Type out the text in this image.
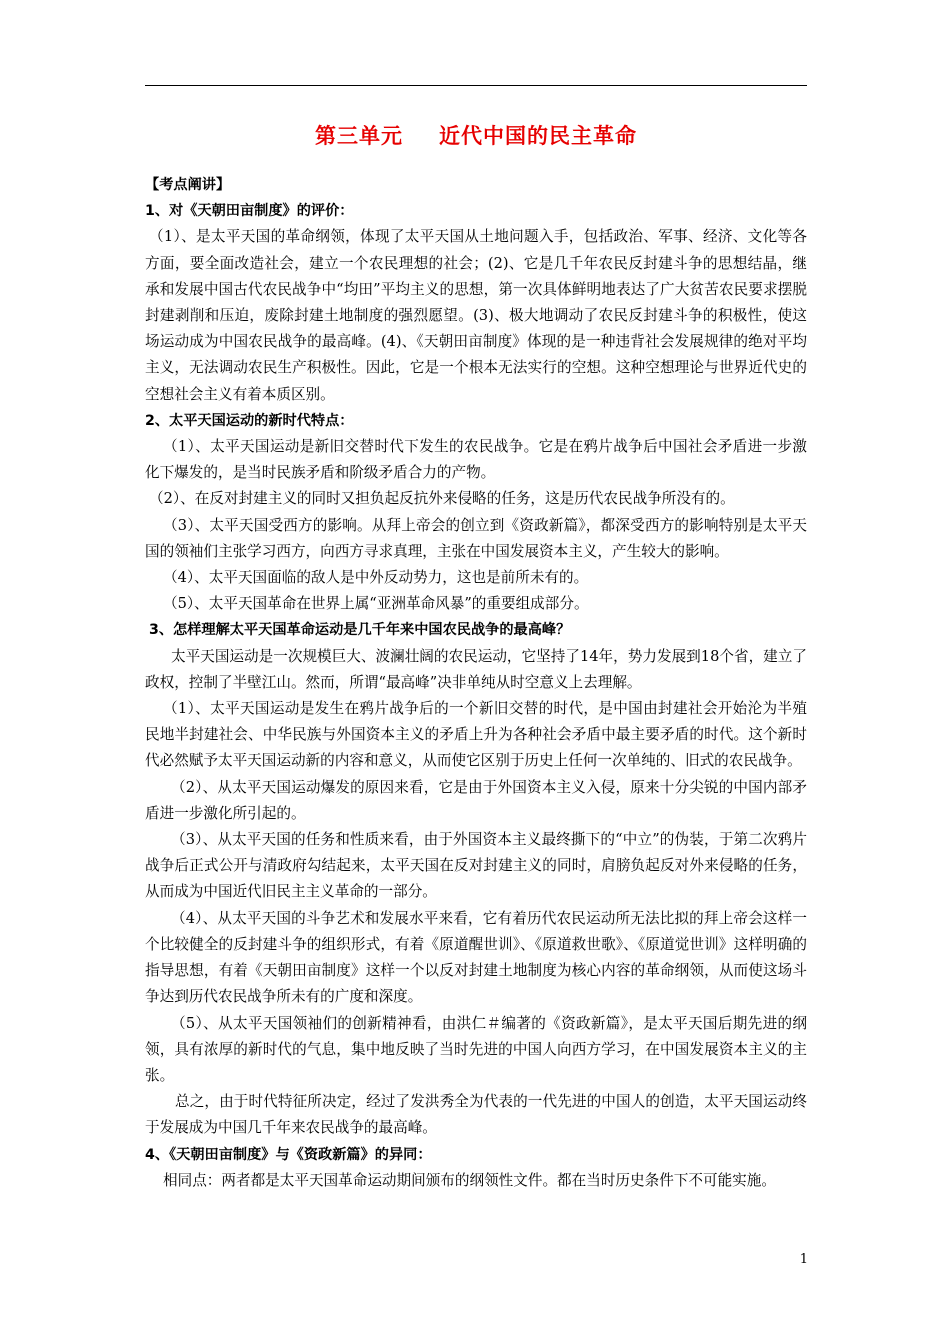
第三单元 近代中国的民主革命

【考点阐讲】

1、对《天朝田亩制度》的评价：

（1）、是太平天国的革命纲领，体现了太平天国从土地问题入手，包括政治、军事、经济、文化等各方面，要全面改造社会，建立一个农民理想的社会；(2)、它是几千年农民反封建斗争的思想结晶，继承和发展中国古代农民战争中“均田”平均主义的思想，第一次具体鲜明地表达了广大贫苦农民要求摆脱封建剥削和压迫，废除封建土地制度的强烈愿望。(3)、极大地调动了农民反封建斗争的积极性，使这场运动成为中国农民战争的最高峰。(4)、《天朝田亩制度》体现的是一种违背社会发展规律的绝对平均主义，无法调动农民生产积极性。因此，它是一个根本无法实行的空想。这种空想理论与世界近代史的空想社会主义有着本质区别。

2、太平天国运动的新时代特点：

（1）、太平天国运动是新旧交替时代下发生的农民战争。它是在鸦片战争后中国社会矛盾进一步激化下爆发的，是当时民族矛盾和阶级矛盾合力的产物。

（2）、在反对封建主义的同时又担负起反抗外来侵略的任务，这是历代农民战争所没有的。

（3）、太平天国受西方的影响。从拜上帝会的创立到《资政新篇》，都深受西方的影响特别是太平天国的领袖们主张学习西方，向西方寻求真理，主张在中国发展资本主义，产生较大的影响。

（4）、太平天国面临的敌人是中外反动势力，这也是前所未有的。

（5）、太平天国革命在世界上属“亚洲革命风暴”的重要组成部分。

3、怎样理解太平天国革命运动是几千年来中国农民战争的最高峰？

太平天国运动是一次规模巨大、波澜壮阔的农民运动，它坚持了14年，势力发展到18个省，建立了政权，控制了半壁江山。然而，所谓“最高峰”决非单纯从时空意义上去理解。

（1）、太平天国运动是发生在鸦片战争后的一个新旧交替的时代，是中国由封建社会开始沦为半殖民地半封建社会、中华民族与外国资本主义的矛盾上升为各种社会矛盾中最主要矛盾的时代。这个新时代必然赋予太平天国运动新的内容和意义，从而使它区别于历史上任何一次单纯的、旧式的农民战争。

（2）、从太平天国运动爆发的原因来看，它是由于外国资本主义入侵，原来十分尖锐的中国内部矛盾进一步激化所引起的。

（3）、从太平天国的任务和性质来看，由于外国资本主义最终撕下的“中立”的伪装，于第二次鸦片战争后正式公开与清政府勾结起来，太平天国在反对封建主义的同时，肩膀负起反对外来侵略的任务，从而成为中国近代旧民主主义革命的一部分。

（4）、从太平天国的斗争艺术和发展水平来看，它有着历代农民运动所无法比拟的拜上帝会这样一个比较健全的反封建斗争的组织形式，有着《原道醒世训》、《原道救世歌》、《原道觉世训》这样明确的指导思想，有着《天朝田亩制度》这样一个以反对封建土地制度为核心内容的革命纲领，从而使这场斗争达到历代农民战争所未有的广度和深度。

（5）、从太平天国领袖们的创新精神看，由洪仁＃编著的《资政新篇》，是太平天国后期先进的纲领，具有浓厚的新时代的气息，集中地反映了当时先进的中国人向西方学习，在中国发展资本主义的主张。

总之，由于时代特征所决定，经过了发洪秀全为代表的一代先进的中国人的创造，太平天国运动终于发展成为中国几千年来农民战争的最高峰。

4、《天朝田亩制度》与《资政新篇》的异同：

相同点：两者都是太平天国革命运动期间颁布的纲领性文件。都在当时历史条件下不可能实施。

1
